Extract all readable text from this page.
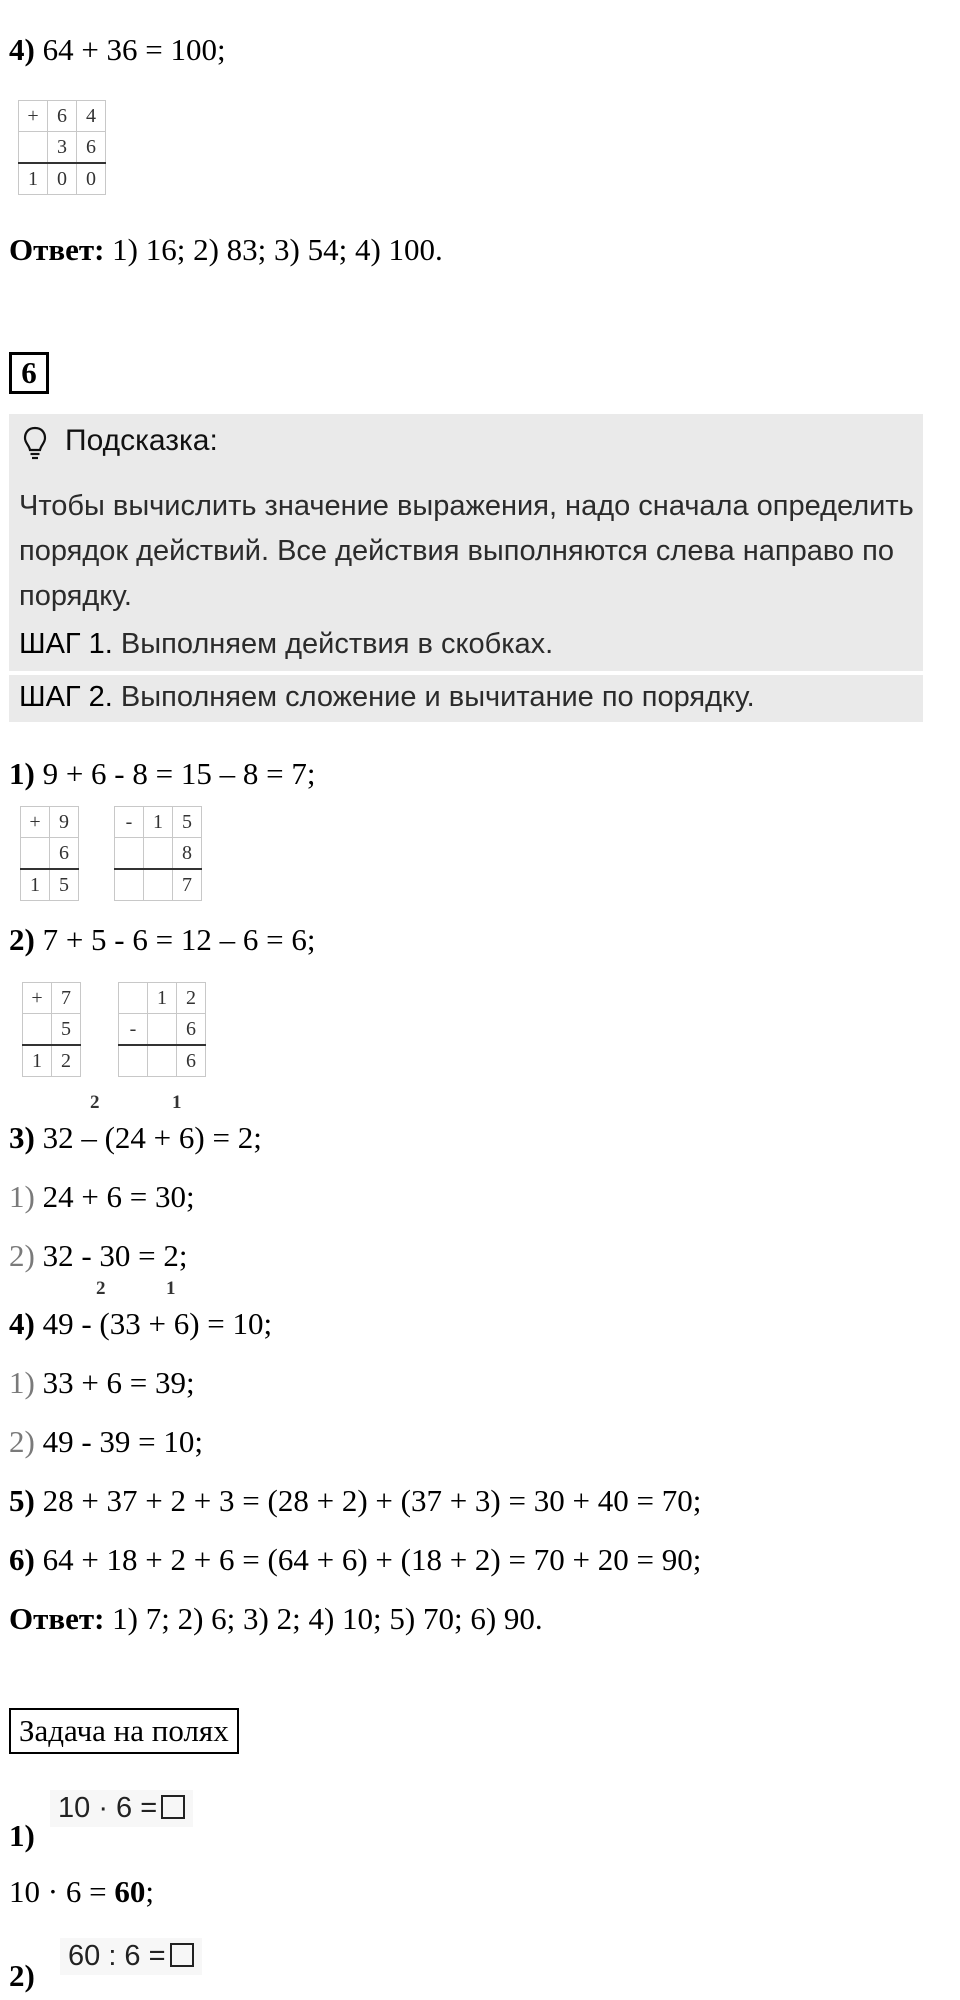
4) 64 + 36 = 100;
+	6	4
	3	6
1	0	0
Ответ: 1) 16; 2) 83; 3) 54; 4) 100.
6
Подсказка:
Чтобы вычислить значение выражения, надо сначала определить порядок действий. Все действия выполняются слева направо по порядку.
ШАГ 1. Выполняем действия в скобках.
ШАГ 2. Выполняем сложение и вычитание по порядку.
1) 9 + 6 - 8 = 15 – 8 = 7;
+	9
	6
1	5
-	1	5
		8
		7
2) 7 + 5 - 6 = 12 – 6 = 6;
+	7
	5
1	2
	1	2
-		6
		6
2	1
3) 32 – (24 + 6) = 2;
1) 24 + 6 = 30;
2) 32 - 30 = 2;
2	1
4) 49 - (33 + 6) = 10;
1) 33 + 6 = 39;
2) 49 - 39 = 10;
5) 28 + 37 + 2 + 3 = (28 + 2) + (37 + 3) = 30 + 40 = 70;
6) 64 + 18 + 2 + 6 = (64 + 6) + (18 + 2) = 70 + 20 = 90;
Ответ: 1) 7; 2) 6; 3) 2; 4) 10; 5) 70; 6) 90.
Задача на полях
10 · 6 =
1)
10 · 6 = 60;
60 : 6 =
2)
